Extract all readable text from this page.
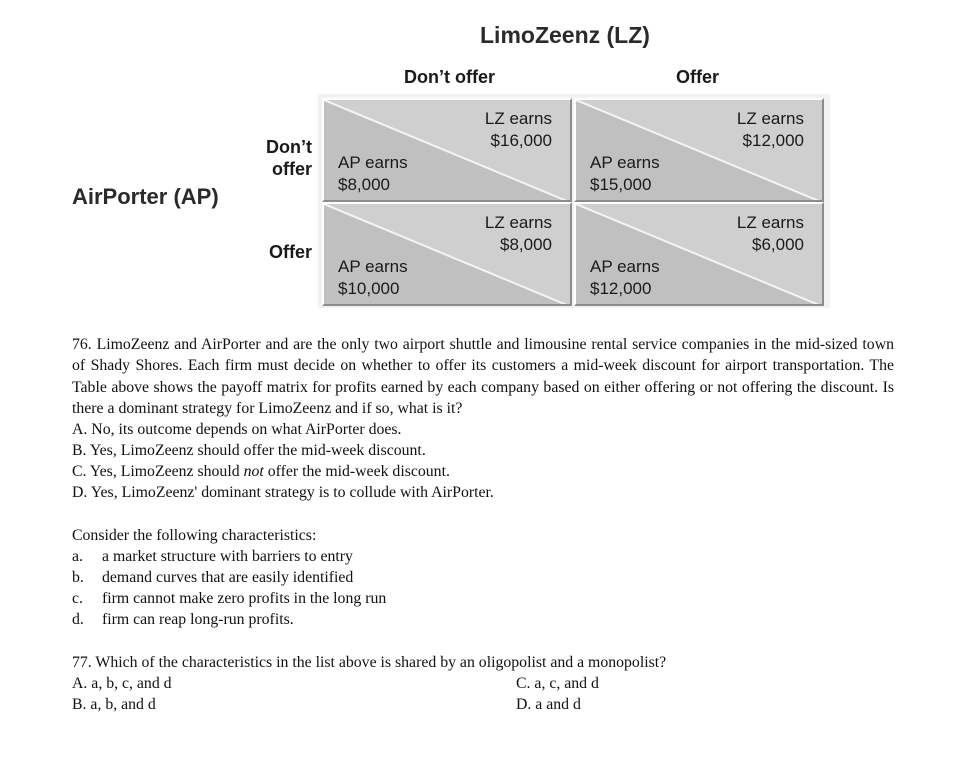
LimoZeenz (LZ)
Don’t offer	Offer
AirPorter (AP)
Don’t
offer
Offer
LZ earns
$16,000
AP earns
$8,000
LZ earns
$12,000
AP earns
$15,000
LZ earns
$8,000
AP earns
$10,000
LZ earns
$6,000
AP earns
$12,000
76. LimoZeenz and AirPorter and are the only two airport shuttle and limousine rental service companies in the mid-sized town of Shady Shores. Each firm must decide on whether to offer its customers a mid-week discount for airport transportation. The Table above shows the payoff matrix for profits earned by each company based on either offering or not offering the discount. Is there a dominant strategy for LimoZeenz and if so, what is it?
A. No, its outcome depends on what AirPorter does.
B. Yes, LimoZeenz should offer the mid-week discount.
C. Yes, LimoZeenz should not offer the mid-week discount.
D. Yes, LimoZeenz' dominant strategy is to collude with AirPorter.
Consider the following characteristics:
a. a market structure with barriers to entry
b. demand curves that are easily identified
c. firm cannot make zero profits in the long run
d. firm can reap long-run profits.
77. Which of the characteristics in the list above is shared by an oligopolist and a monopolist?
A. a, b, c, and d
B. a, b, and d
C. a, c, and d
D. a and d
